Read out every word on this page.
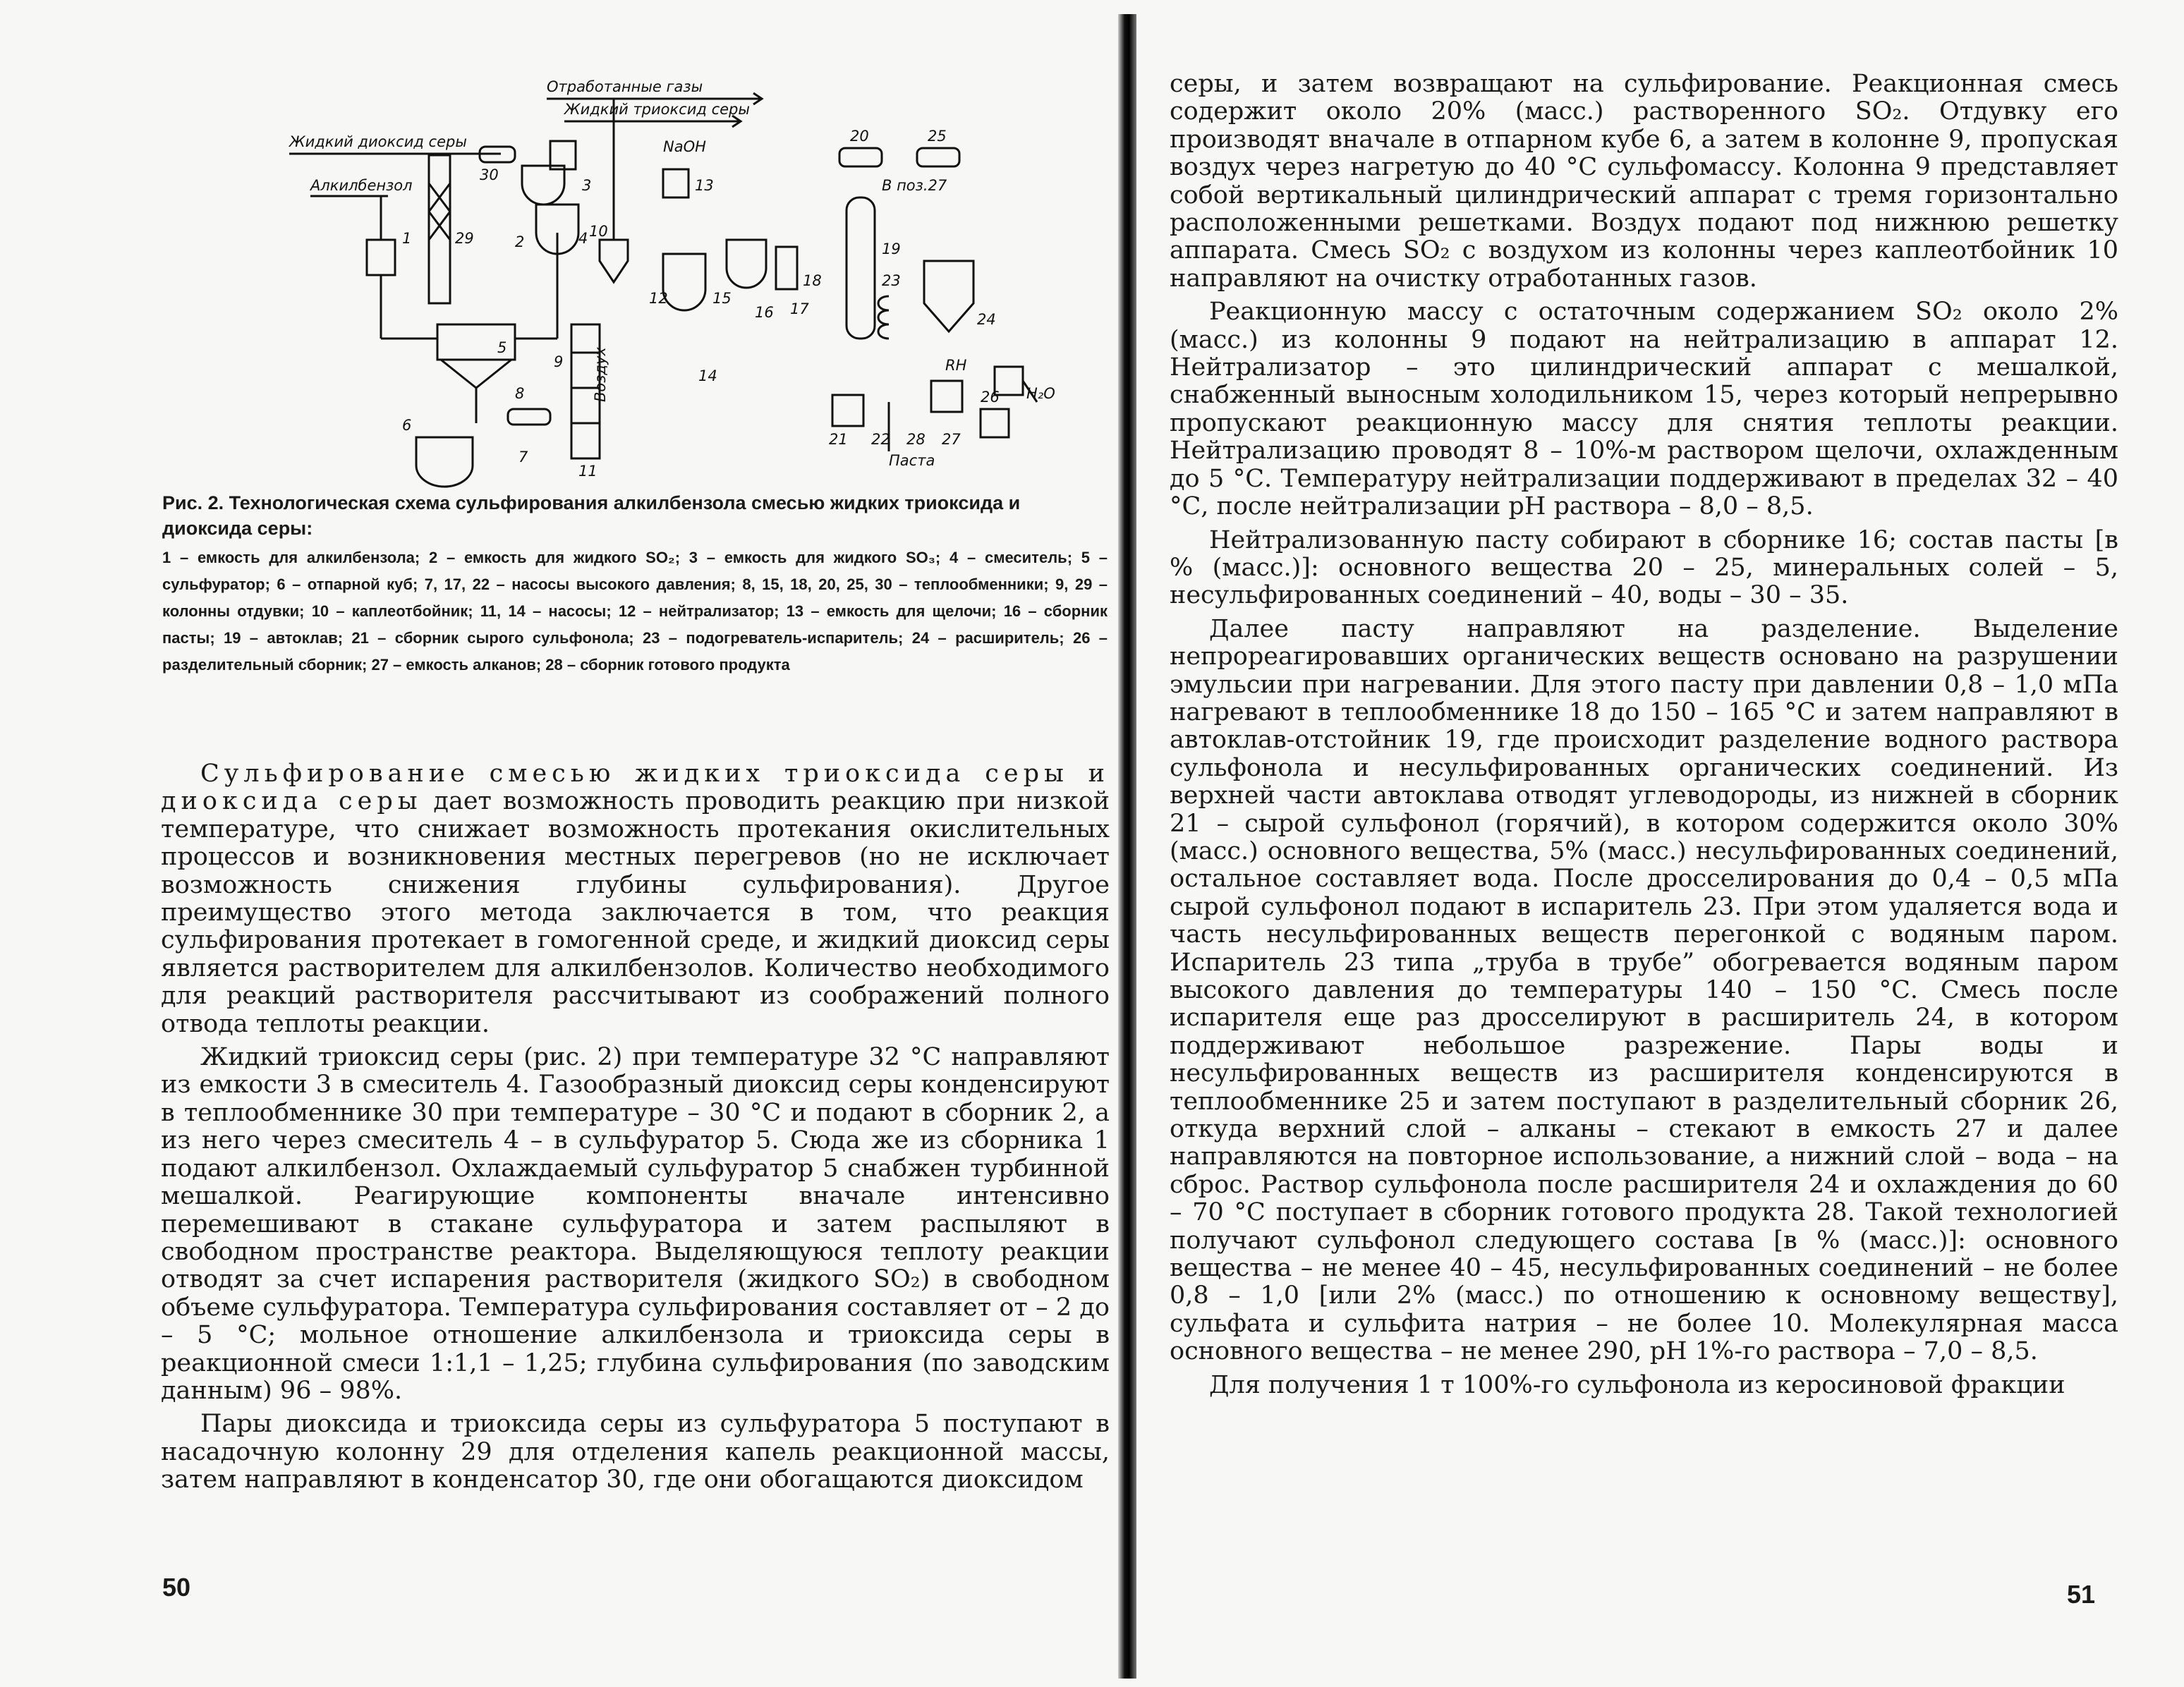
Отработанные газы
Жидкий триоксид серы
Жидкий диоксид серы
Алкилбензол
NaOH
В поз.27
Воздух
Паста
RH
H₂O
1	2
3
4
5
6
7
8
9
10
11
12
13
14
15
16 17
18
19
20
21 22
23
24
25
26
27
28
29
30
Рис. 2. Технологическая схема сульфирования алкилбензола смесью жидких триоксида и диоксида серы:
1 – емкость для алкилбензола; 2 – емкость для жидкого SO₂; 3 – емкость для жидкого SO₃; 4 – смеситель; 5 – сульфуратор; 6 – отпарной куб; 7, 17, 22 – насосы высокого давления; 8, 15, 18, 20, 25, 30 – теплообменники; 9, 29 – колонны отдувки; 10 – каплеотбойник; 11, 14 – насосы; 12 – нейтрализатор; 13 – емкость для щелочи; 16 – сборник пасты; 19 – автоклав; 21 – сборник сырого сульфонола; 23 – подогреватель-испаритель; 24 – расширитель; 26 – разделительный сборник; 27 – емкость алканов; 28 – сборник готового продукта

Сульфирование смесью жидких триоксида серы и диоксида серы дает возможность проводить реакцию при низкой температуре, что снижает возможность протекания окислительных процессов и возникновения местных перегревов (но не исключает возможность снижения глубины сульфирования). Другое преимущество этого метода заключается в том, что реакция сульфирования протекает в гомогенной среде, и жидкий диоксид серы является растворителем для алкилбензолов. Количество необходимого для реакций растворителя рассчитывают из соображений полного отвода теплоты реакции.

Жидкий триоксид серы (рис. 2) при температуре 32 °С направляют из емкости 3 в смеситель 4. Газообразный диоксид серы конденсируют в теплообменнике 30 при температуре – 30 °С и подают в сборник 2, а из него через смеситель 4 – в сульфуратор 5. Сюда же из сборника 1 подают алкилбензол. Охлаждаемый сульфуратор 5 снабжен турбинной мешалкой. Реагирующие компоненты вначале интенсивно перемешивают в стакане сульфуратора и затем распыляют в свободном пространстве реактора. Выделяющуюся теплоту реакции отводят за счет испарения растворителя (жидкого SO₂) в свободном объеме сульфуратора. Температура сульфирования составляет от – 2 до – 5 °С; мольное отношение алкилбензола и триоксида серы в реакционной смеси 1:1,1 – 1,25; глубина сульфирования (по заводским данным) 96 – 98%.

Пары диоксида и триоксида серы из сульфуратора 5 поступают в насадочную колонну 29 для отделения капель реакционной массы, затем направляют в конденсатор 30, где они обогащаются диоксидом

50

серы, и затем возвращают на сульфирование. Реакционная смесь содержит около 20% (масс.) растворенного SO₂. Отдувку его производят вначале в отпарном кубе 6, а затем в колонне 9, пропуская воздух через нагретую до 40 °С сульфомассу. Колонна 9 представляет собой вертикальный цилиндрический аппарат с тремя горизонтально расположенными решетками. Воздух подают под нижнюю решетку аппарата. Смесь SO₂ с воздухом из колонны через каплеотбойник 10 направляют на очистку отработанных газов.

Реакционную массу с остаточным содержанием SO₂ около 2% (масс.) из колонны 9 подают на нейтрализацию в аппарат 12. Нейтрализатор – это цилиндрический аппарат с мешалкой, снабженный выносным холодильником 15, через который непрерывно пропускают реакционную массу для снятия теплоты реакции. Нейтрализацию проводят 8 – 10%-м раствором щелочи, охлажденным до 5 °С. Температуру нейтрализации поддерживают в пределах 32 – 40 °С, после нейтрализации pH раствора – 8,0 – 8,5.

Нейтрализованную пасту собирают в сборнике 16; состав пасты [в % (масс.)]: основного вещества 20 – 25, минеральных солей – 5, несульфированных соединений – 40, воды – 30 – 35.

Далее пасту направляют на разделение. Выделение непрореагировавших органических веществ основано на разрушении эмульсии при нагревании. Для этого пасту при давлении 0,8 – 1,0 мПа нагревают в теплообменнике 18 до 150 – 165 °С и затем направляют в автоклав-отстойник 19, где происходит разделение водного раствора сульфонола и несульфированных органических соединений. Из верхней части автоклава отводят углеводороды, из нижней в сборник 21 – сырой сульфонол (горячий), в котором содержится около 30% (масс.) основного вещества, 5% (масс.) несульфированных соединений, остальное составляет вода. После дросселирования до 0,4 – 0,5 мПа сырой сульфонол подают в испаритель 23. При этом удаляется вода и часть несульфированных веществ перегонкой с водяным паром. Испаритель 23 типа „труба в трубе” обогревается водяным паром высокого давления до температуры 140 – 150 °С. Смесь после испарителя еще раз дросселируют в расширитель 24, в котором поддерживают небольшое разрежение. Пары воды и несульфированных веществ из расширителя конденсируются в теплообменнике 25 и затем поступают в разделительный сборник 26, откуда верхний слой – алканы – стекают в емкость 27 и далее направляются на повторное использование, а нижний слой – вода – на сброс. Раствор сульфонола после расширителя 24 и охлаждения до 60 – 70 °С поступает в сборник готового продукта 28. Такой технологией получают сульфонол следующего состава [в % (масс.)]: основного вещества – не менее 40 – 45, несульфированных соединений – не более 0,8 – 1,0 [или 2% (масс.) по отношению к основному веществу], сульфата и сульфита натрия – не более 10. Молекулярная масса основного вещества – не менее 290, pH 1%-го раствора – 7,0 – 8,5.

Для получения 1 т 100%-го сульфонола из керосиновой фракции

51
